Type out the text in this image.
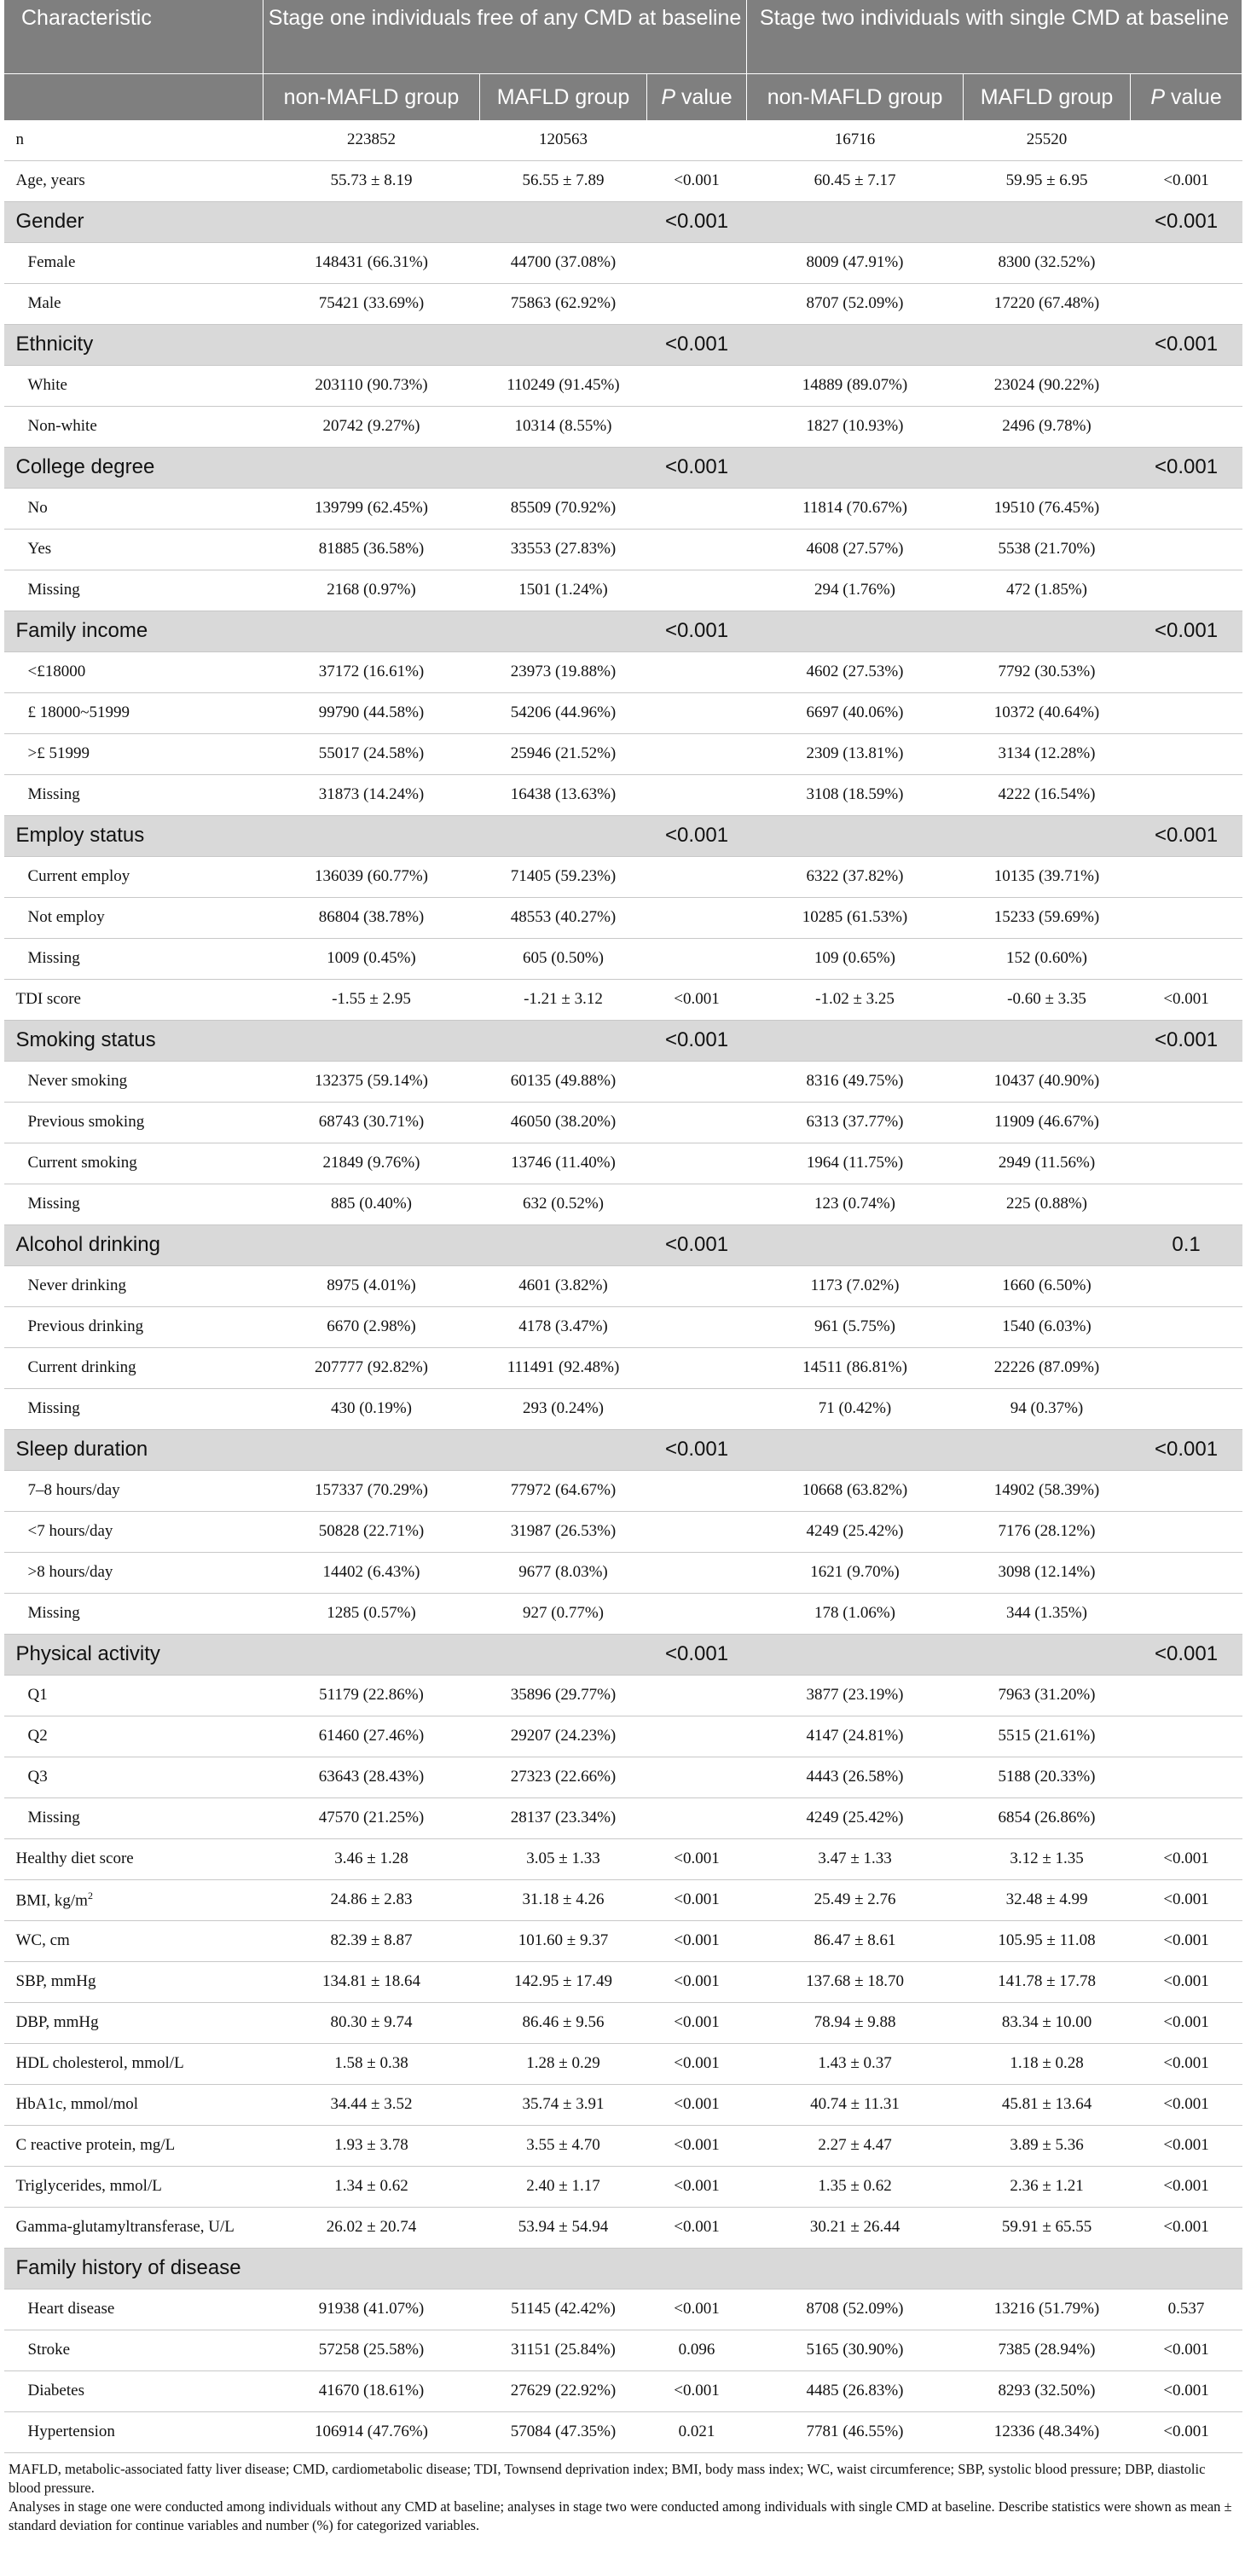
Characteristic	Stage one individuals free of any CMD at baseline			Stage two individuals with single CMD at baseline		
	non-MAFLD group	MAFLD group	P value	non-MAFLD group	MAFLD group	P value
n	223852	120563		16716	25520	
Age, years	55.73 ± 8.19	56.55 ± 7.89	<0.001	60.45 ± 7.17	59.95 ± 6.95	<0.001
Gender			<0.001			<0.001
Female	148431 (66.31%)	44700 (37.08%)		8009 (47.91%)	8300 (32.52%)	
Male	75421 (33.69%)	75863 (62.92%)		8707 (52.09%)	17220 (67.48%)	
Ethnicity			<0.001			<0.001
White	203110 (90.73%)	110249 (91.45%)		14889 (89.07%)	23024 (90.22%)	
Non-white	20742 (9.27%)	10314 (8.55%)		1827 (10.93%)	2496 (9.78%)	
College degree			<0.001			<0.001
No	139799 (62.45%)	85509 (70.92%)		11814 (70.67%)	19510 (76.45%)	
Yes	81885 (36.58%)	33553 (27.83%)		4608 (27.57%)	5538 (21.70%)	
Missing	2168 (0.97%)	1501 (1.24%)		294 (1.76%)	472 (1.85%)	
Family income			<0.001			<0.001
<£18000	37172 (16.61%)	23973 (19.88%)		4602 (27.53%)	7792 (30.53%)	
£ 18000~51999	99790 (44.58%)	54206 (44.96%)		6697 (40.06%)	10372 (40.64%)	
>£ 51999	55017 (24.58%)	25946 (21.52%)		2309 (13.81%)	3134 (12.28%)	
Missing	31873 (14.24%)	16438 (13.63%)		3108 (18.59%)	4222 (16.54%)	
Employ status			<0.001			<0.001
Current employ	136039 (60.77%)	71405 (59.23%)		6322 (37.82%)	10135 (39.71%)	
Not employ	86804 (38.78%)	48553 (40.27%)		10285 (61.53%)	15233 (59.69%)	
Missing	1009 (0.45%)	605 (0.50%)		109 (0.65%)	152 (0.60%)	
TDI score	-1.55 ± 2.95	-1.21 ± 3.12	<0.001	-1.02 ± 3.25	-0.60 ± 3.35	<0.001
Smoking status			<0.001			<0.001
Never smoking	132375 (59.14%)	60135 (49.88%)		8316 (49.75%)	10437 (40.90%)	
Previous smoking	68743 (30.71%)	46050 (38.20%)		6313 (37.77%)	11909 (46.67%)	
Current smoking	21849 (9.76%)	13746 (11.40%)		1964 (11.75%)	2949 (11.56%)	
Missing	885 (0.40%)	632 (0.52%)		123 (0.74%)	225 (0.88%)	
Alcohol drinking			<0.001			0.1
Never drinking	8975 (4.01%)	4601 (3.82%)		1173 (7.02%)	1660 (6.50%)	
Previous drinking	6670 (2.98%)	4178 (3.47%)		961 (5.75%)	1540 (6.03%)	
Current drinking	207777 (92.82%)	111491 (92.48%)		14511 (86.81%)	22226 (87.09%)	
Missing	430 (0.19%)	293 (0.24%)		71 (0.42%)	94 (0.37%)	
Sleep duration			<0.001			<0.001
7–8 hours/day	157337 (70.29%)	77972 (64.67%)		10668 (63.82%)	14902 (58.39%)	
<7 hours/day	50828 (22.71%)	31987 (26.53%)		4249 (25.42%)	7176 (28.12%)	
>8 hours/day	14402 (6.43%)	9677 (8.03%)		1621 (9.70%)	3098 (12.14%)	
Missing	1285 (0.57%)	927 (0.77%)		178 (1.06%)	344 (1.35%)	
Physical activity			<0.001			<0.001
Q1	51179 (22.86%)	35896 (29.77%)		3877 (23.19%)	7963 (31.20%)	
Q2	61460 (27.46%)	29207 (24.23%)		4147 (24.81%)	5515 (21.61%)	
Q3	63643 (28.43%)	27323 (22.66%)		4443 (26.58%)	5188 (20.33%)	
Missing	47570 (21.25%)	28137 (23.34%)		4249 (25.42%)	6854 (26.86%)	
Healthy diet score	3.46 ± 1.28	3.05 ± 1.33	<0.001	3.47 ± 1.33	3.12 ± 1.35	<0.001
BMI, $kg/m^2$	24.86 ± 2.83	31.18 ± 4.26	<0.001	25.49 ± 2.76	32.48 ± 4.99	<0.001
WC, cm	82.39 ± 8.87	101.60 ± 9.37	<0.001	86.47 ± 8.61	105.95 ± 11.08	<0.001
SBP, mmHg	134.81 ± 18.64	142.95 ± 17.49	<0.001	137.68 ± 18.70	141.78 ± 17.78	<0.001
DBP, mmHg	80.30 ± 9.74	86.46 ± 9.56	<0.001	78.94 ± 9.88	83.34 ± 10.00	<0.001
HDL cholesterol, mmol/L	1.58 ± 0.38	1.28 ± 0.29	<0.001	1.43 ± 0.37	1.18 ± 0.28	<0.001
HbA1c, mmol/mol	34.44 ± 3.52	35.74 ± 3.91	<0.001	40.74 ± 11.31	45.81 ± 13.64	<0.001
C reactive protein, mg/L	1.93 ± 3.78	3.55 ± 4.70	<0.001	2.27 ± 4.47	3.89 ± 5.36	<0.001
Triglycerides, mmol/L	1.34 ± 0.62	2.40 ± 1.17	<0.001	1.35 ± 0.62	2.36 ± 1.21	<0.001
Gamma-glutamyltransferase, U/L	26.02 ± 20.74	53.94 ± 54.94	<0.001	30.21 ± 26.44	59.91 ± 65.55	<0.001
Family history of disease						
Heart disease	91938 (41.07%)	51145 (42.42%)	<0.001	8708 (52.09%)	13216 (51.79%)	0.537
Stroke	57258 (25.58%)	31151 (25.84%)	0.096	5165 (30.90%)	7385 (28.94%)	<0.001
Diabetes	41670 (18.61%)	27629 (22.92%)	<0.001	4485 (26.83%)	8293 (32.50%)	<0.001
Hypertension	106914 (47.76%)	57084 (47.35%)	0.021	7781 (46.55%)	12336 (48.34%)	<0.001

MAFLD, metabolic-associated fatty liver disease; CMD, cardiometabolic disease; TDI, Townsend deprivation index; BMI, body mass index; WC, waist circumference; SBP, systolic blood pressure; DBP, diastolic blood pressure.

Analyses in stage one were conducted among individuals without any CMD at baseline; analyses in stage two were conducted among individuals with single CMD at baseline. Describe statistics were shown as mean ± standard deviation for continue variables and number (%) for categorized variables.
